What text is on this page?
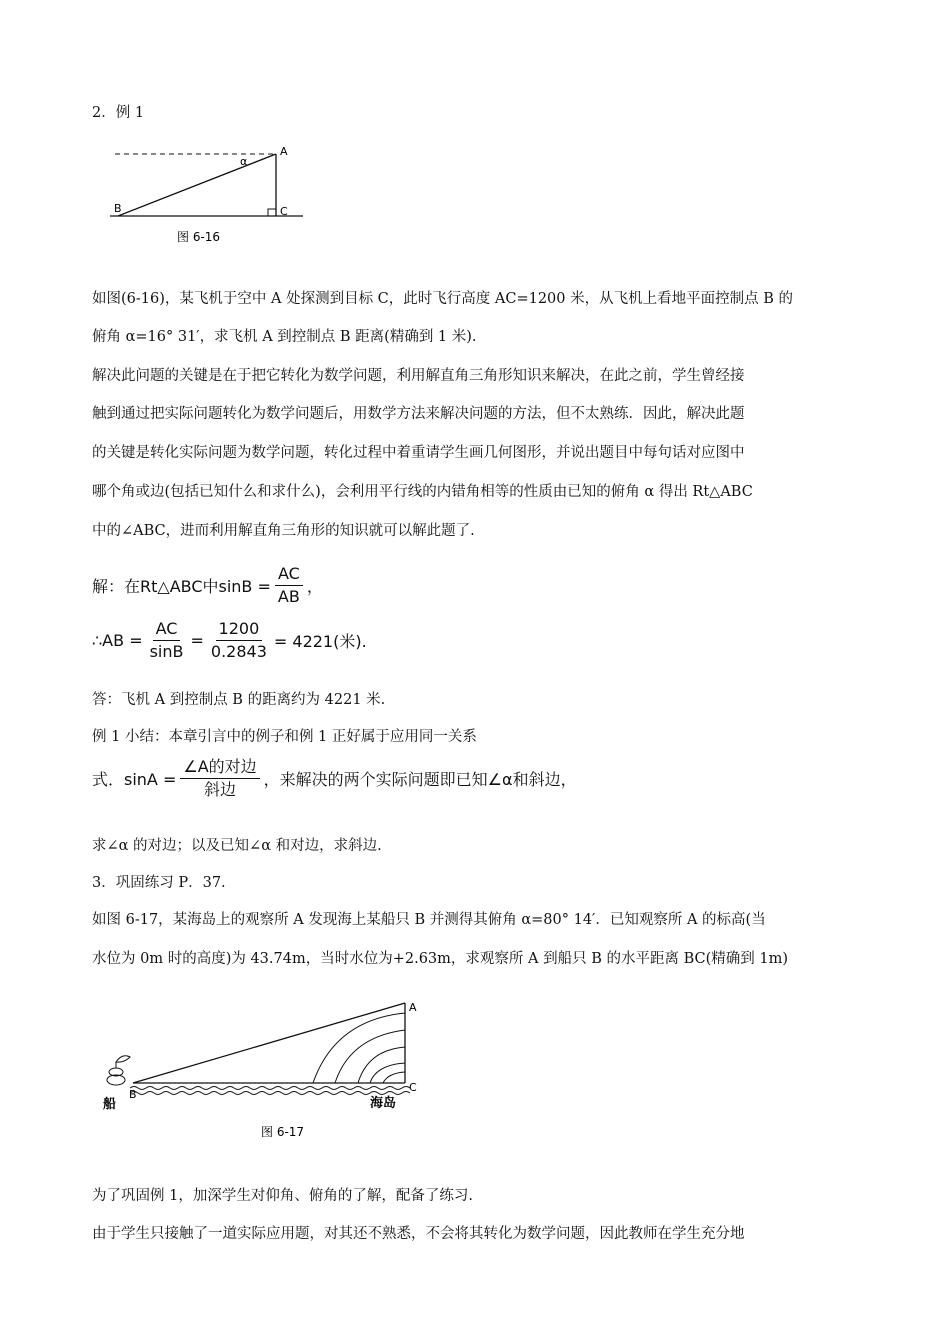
2．例 1
A
B	C
α
图 6-16
如图(6-16)，某飞机于空中 A 处探测到目标 C，此时飞行高度 AC=1200 米，从飞机上看地平面控制点 B 的
俯角 α=16° 31′，求飞机 A 到控制点 B 距离(精确到 1 米).
解决此问题的关键是在于把它转化为数学问题，利用解直角三角形知识来解决，在此之前，学生曾经接
触到通过把实际问题转化为数学问题后，用数学方法来解决问题的方法，但不太熟练．因此，解决此题
的关键是转化实际问题为数学问题，转化过程中着重请学生画几何图形，并说出题目中每句话对应图中
哪个角或边(包括已知什么和求什么)，会利用平行线的内错角相等的性质由已知的俯角 α 得出 Rt△ABC
中的∠ABC，进而利用解直角三角形的知识就可以解此题了.
解：在Rt△ABC中$\sin B = \frac{AC}{AB}$ ，
∴AB = $\frac{AC}{\sin B} = \frac{1200}{0.2843} = 4221$(米).
答：飞机 A 到控制点 B 的距离约为 4221 米.
例 1 小结：本章引言中的例子和例 1 正好属于应用同一关系
式．$\sin A = \frac{\text{∠A的对边}}{\text{斜边}}$ ，来解决的两个实际问题即已知∠α和斜边，
求∠α 的对边；以及已知∠α 和对边，求斜边.
3．巩固练习 P．37.
如图 6-17，某海岛上的观察所 A 发现海上某船只 B 并测得其俯角 α=80° 14′．已知观察所 A 的标高(当
水位为 0m 时的高度)为 43.74m，当时水位为+2.63m，求观察所 A 到船只 B 的水平距离 BC(精确到 1m)
A
B
C
船	海岛
图 6-17
为了巩固例 1，加深学生对仰角、俯角的了解，配备了练习.
由于学生只接触了一道实际应用题，对其还不熟悉，不会将其转化为数学问题，因此教师在学生充分地
